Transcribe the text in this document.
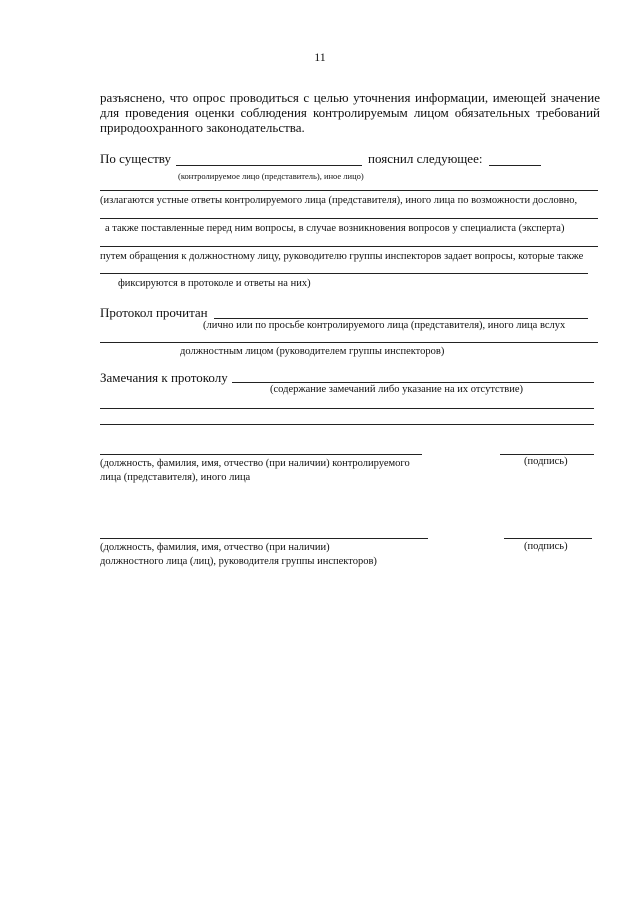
11
разъяснено, что опрос проводиться с целью уточнения информации, имеющей значение
для проведения оценки соблюдения контролируемым лицом обязательных требований
природоохранного законодательства.
По существу	пояснил следующее:
(контролируемое лицо (представитель), иное лицо)
(излагаются устные ответы контролируемого лица (представителя), иного лица по возможности дословно,
а также поставленные перед ним вопросы, в случае возникновения вопросов у специалиста (эксперта)
путем обращения к должностному лицу, руководителю группы инспекторов задает вопросы, которые также
фиксируются в протоколе и ответы на них)
Протокол прочитан
(лично или по просьбе контролируемого лица (представителя), иного лица вслух
должностным лицом (руководителем группы инспекторов)
Замечания к протоколу
(содержание замечаний либо указание на их отсутствие)
(должность, фамилия, имя, отчество (при наличии) контролируемого
лица (представителя), иного лица
(подпись)
(должность, фамилия, имя, отчество (при наличии)
должностного лица (лиц), руководителя группы инспекторов)
(подпись)
